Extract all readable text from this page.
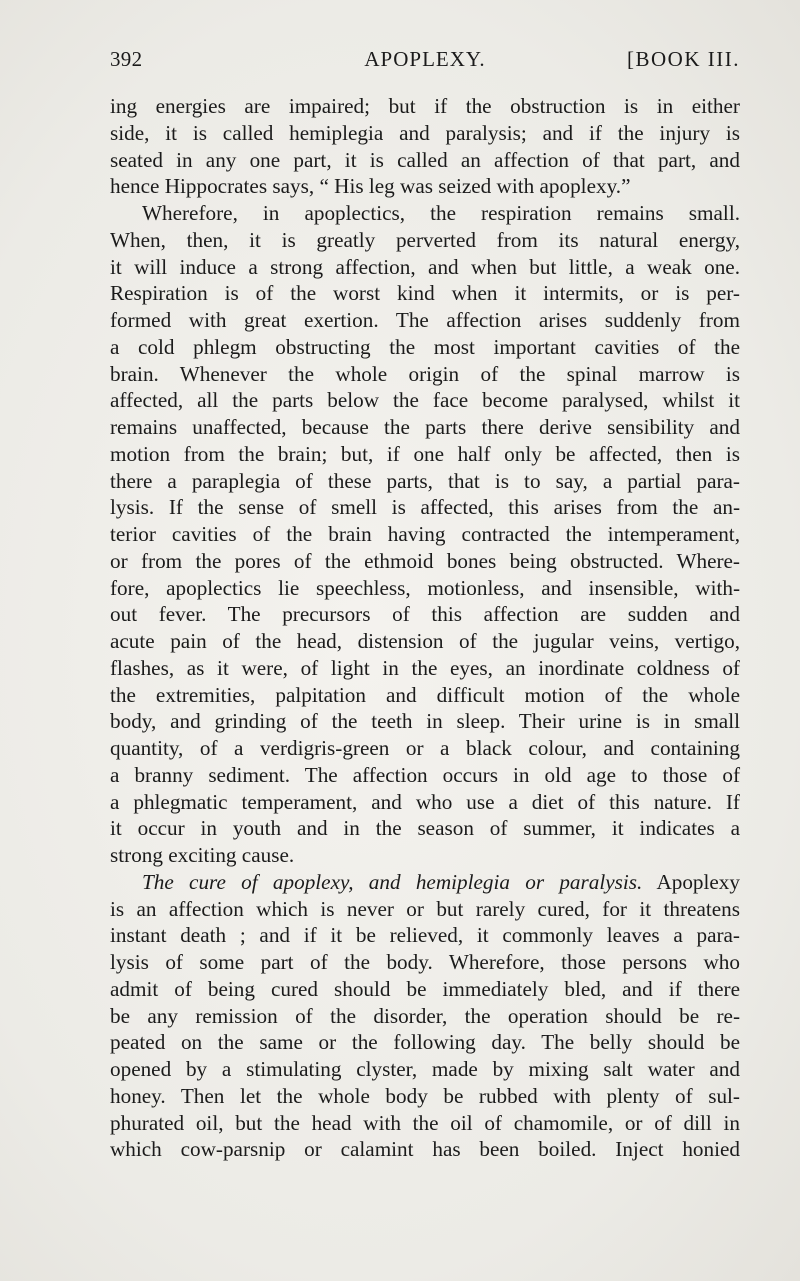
392	APOPLEXY.	[BOOK III.
ing energies are impaired; but if the obstruction is in either
side, it is called hemiplegia and paralysis; and if the injury is
seated in any one part, it is called an affection of that part, and
hence Hippocrates says, “ His leg was seized with apoplexy.”
Wherefore, in apoplectics, the respiration remains small.
When, then, it is greatly perverted from its natural energy,
it will induce a strong affection, and when but little, a weak one.
Respiration is of the worst kind when it intermits, or is per-
formed with great exertion. The affection arises suddenly from
a cold phlegm obstructing the most important cavities of the
brain. Whenever the whole origin of the spinal marrow is
affected, all the parts below the face become paralysed, whilst it
remains unaffected, because the parts there derive sensibility and
motion from the brain; but, if one half only be affected, then is
there a paraplegia of these parts, that is to say, a partial para-
lysis. If the sense of smell is affected, this arises from the an-
terior cavities of the brain having contracted the intemperament,
or from the pores of the ethmoid bones being obstructed. Where-
fore, apoplectics lie speechless, motionless, and insensible, with-
out fever. The precursors of this affection are sudden and
acute pain of the head, distension of the jugular veins, vertigo,
flashes, as it were, of light in the eyes, an inordinate coldness of
the extremities, palpitation and difficult motion of the whole
body, and grinding of the teeth in sleep. Their urine is in small
quantity, of a verdigris-green or a black colour, and containing
a branny sediment. The affection occurs in old age to those of
a phlegmatic temperament, and who use a diet of this nature. If
it occur in youth and in the season of summer, it indicates a
strong exciting cause.
The cure of apoplexy, and hemiplegia or paralysis. Apoplexy
is an affection which is never or but rarely cured, for it threatens
instant death ; and if it be relieved, it commonly leaves a para-
lysis of some part of the body. Wherefore, those persons who
admit of being cured should be immediately bled, and if there
be any remission of the disorder, the operation should be re-
peated on the same or the following day. The belly should be
opened by a stimulating clyster, made by mixing salt water and
honey. Then let the whole body be rubbed with plenty of sul-
phurated oil, but the head with the oil of chamomile, or of dill in
which cow-parsnip or calamint has been boiled. Inject honied
